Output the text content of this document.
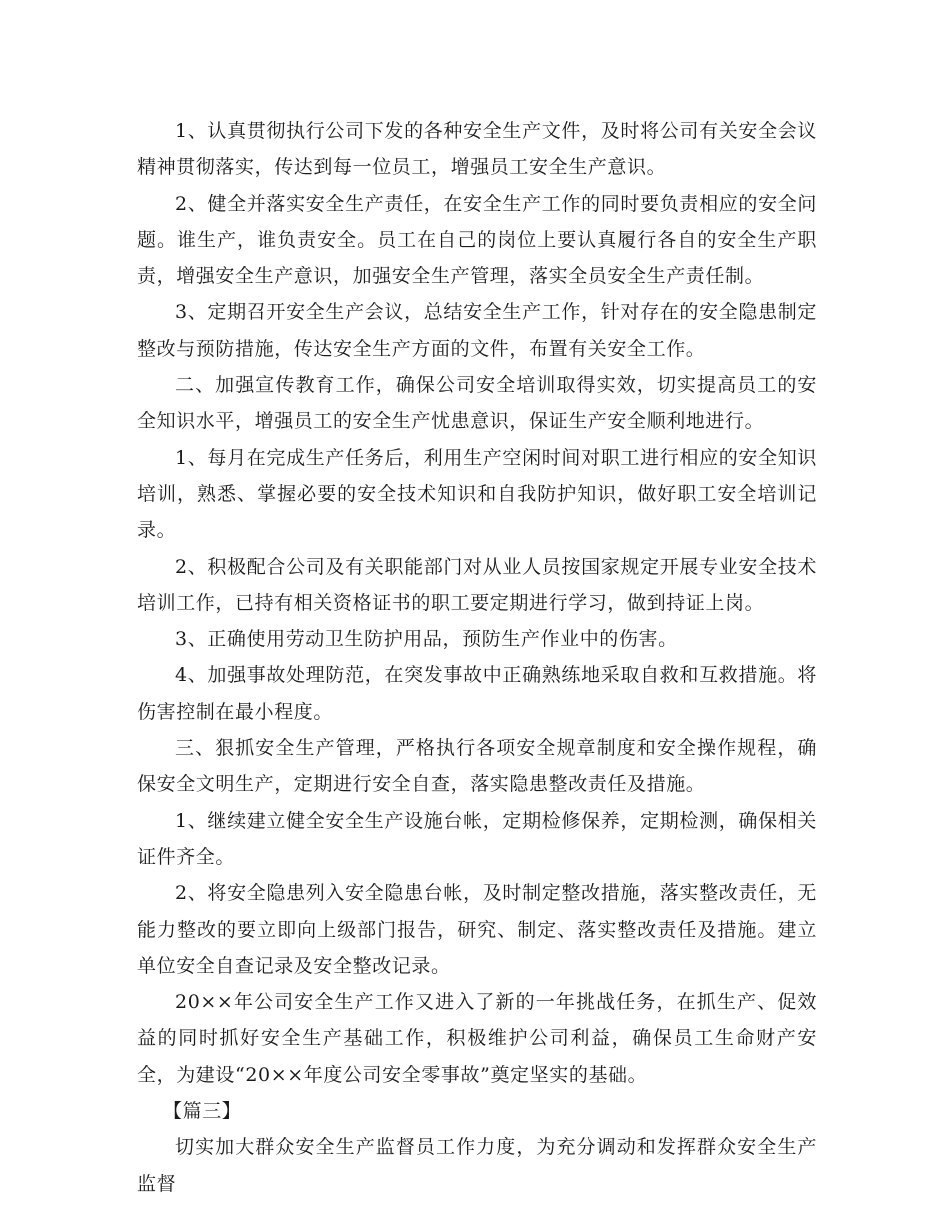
1、认真贯彻执行公司下发的各种安全生产文件，及时将公司有关安全会议精神贯彻落实，传达到每一位员工，增强员工安全生产意识。

2、健全并落实安全生产责任，在安全生产工作的同时要负责相应的安全问题。谁生产，谁负责安全。员工在自己的岗位上要认真履行各自的安全生产职责，增强安全生产意识，加强安全生产管理，落实全员安全生产责任制。

3、定期召开安全生产会议，总结安全生产工作，针对存在的安全隐患制定整改与预防措施，传达安全生产方面的文件，布置有关安全工作。

二、加强宣传教育工作，确保公司安全培训取得实效，切实提高员工的安全知识水平，增强员工的安全生产忧患意识，保证生产安全顺利地进行。

1、每月在完成生产任务后，利用生产空闲时间对职工进行相应的安全知识培训，熟悉、掌握必要的安全技术知识和自我防护知识，做好职工安全培训记录。

2、积极配合公司及有关职能部门对从业人员按国家规定开展专业安全技术培训工作，已持有相关资格证书的职工要定期进行学习，做到持证上岗。

3、正确使用劳动卫生防护用品，预防生产作业中的伤害。

4、加强事故处理防范，在突发事故中正确熟练地采取自救和互救措施。将伤害控制在最小程度。

三、狠抓安全生产管理，严格执行各项安全规章制度和安全操作规程，确保安全文明生产，定期进行安全自查，落实隐患整改责任及措施。

1、继续建立健全安全生产设施台帐，定期检修保养，定期检测，确保相关证件齐全。

2、将安全隐患列入安全隐患台帐，及时制定整改措施，落实整改责任，无能力整改的要立即向上级部门报告，研究、制定、落实整改责任及措施。建立单位安全自查记录及安全整改记录。

20××年公司安全生产工作又进入了新的一年挑战任务，在抓生产、促效益的同时抓好安全生产基础工作，积极维护公司利益，确保员工生命财产安全，为建设“20××年度公司安全零事故”奠定坚实的基础。

【篇三】

切实加大群众安全生产监督员工作力度，为充分调动和发挥群众安全生产监督
